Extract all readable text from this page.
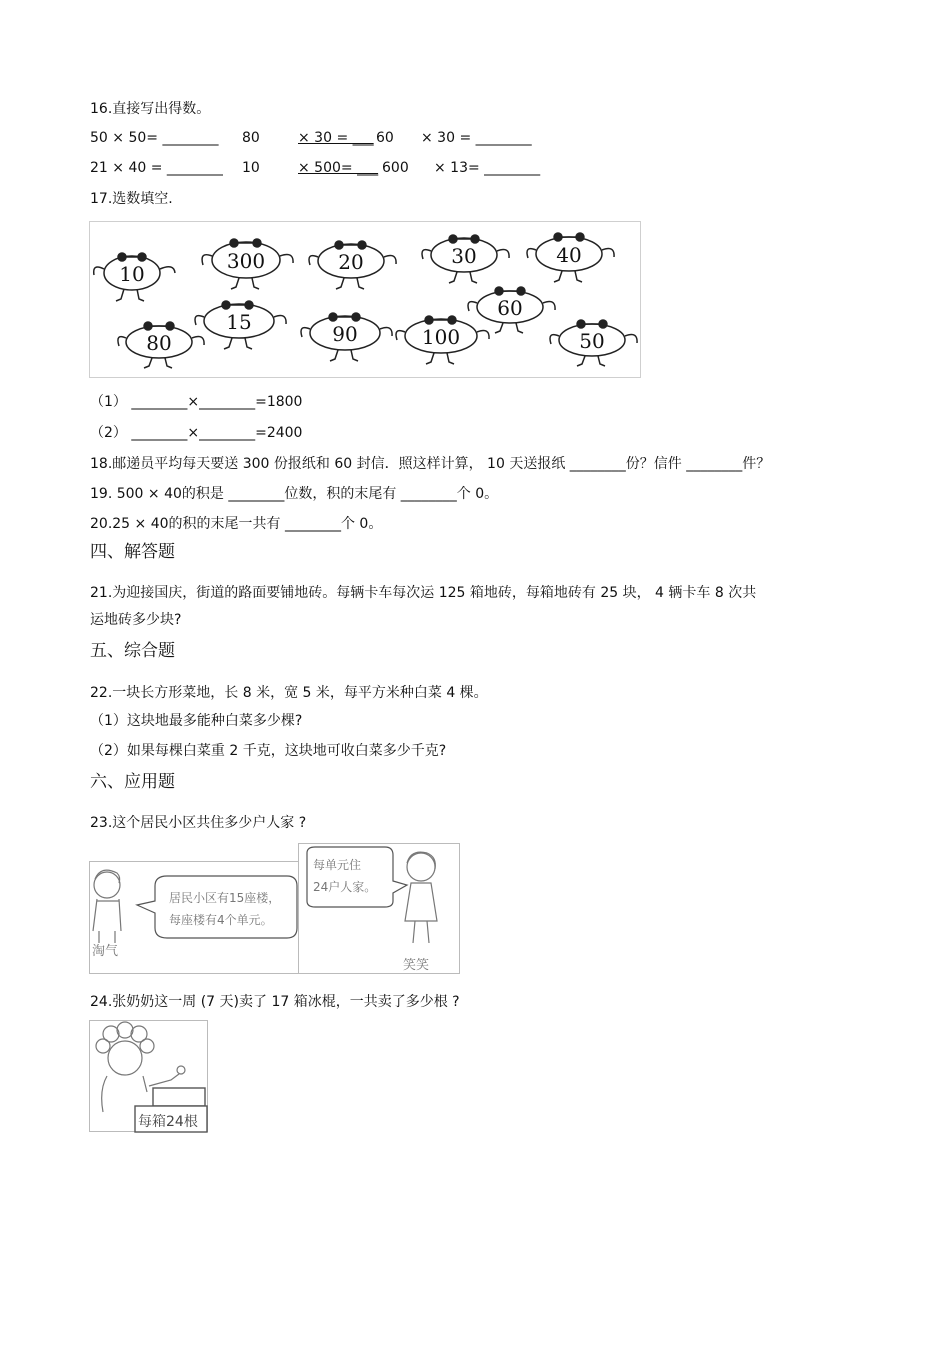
16.直接写出得数。
50 × 50= ________ 80	× 30 = ___ 60 × 30 = ________
21 × 40 = ________ 10	× 500= ___ 600 × 13= ________
17.选数填空.
10
300	20	30	40
15
80	90	100
60
50
（1） ________×________=1800
（2） ________×________=2400
18.邮递员平均每天要送 300 份报纸和 60 封信．照这样计算， 10 天送报纸 ________份？信件 ________件？
19. 500 × 40的积是 ________位数，积的末尾有 ________个 0。
20.25 × 40的积的末尾一共有 ________个 0。
四、解答题
21.为迎接国庆，街道的路面要铺地砖。每辆卡车每次运 125 箱地砖，每箱地砖有 25 块， 4 辆卡车 8 次共
运地砖多少块?
五、综合题
22.一块长方形菜地，长 8 米，宽 5 米，每平方米种白菜 4 棵。
（1）这块地最多能种白菜多少棵?
（2）如果每棵白菜重 2 千克，这块地可收白菜多少千克?
六、应用题
23.这个居民小区共住多少户人家 ?
居民小区有15座楼，
每座楼有4个单元。
淘气
每单元住
24户人家。
笑笑
24.张奶奶这一周 (7 天)卖了 17 箱冰棍，一共卖了多少根 ?
每箱24根
